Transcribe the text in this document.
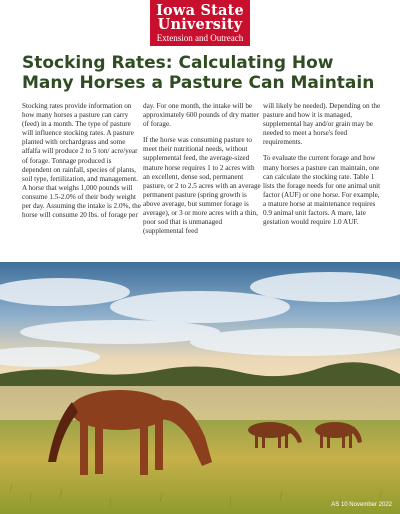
Iowa State
University
Extension and Outreach
Stocking Rates: Calculating How Many Horses a Pasture Can Maintain

Stocking rates provide information on how many horses a pasture can carry (feed) in a month. The type of pasture will influence stocking rates. A pasture planted with orchardgrass and some alfalfa will produce 2 to 5 ton/ acre/year of forage. Tonnage produced is dependent on rainfall, species of plants, soil type, fertilization, and management. A horse that weighs 1,000 pounds will consume 1.5-2.0% of their body weight per day. Assuming the intake is 2.0%, the horse will consume 20 lbs. of forage per

day. For one month, the intake will be approximately 600 pounds of dry matter of forage.

If the horse was consuming pasture to meet their nutritional needs, without supplemental feed, the average-sized mature horse requires 1 to 2 acres with an excellent, dense sod, permanent pasture, or 2 to 2.5 acres with an average permanent pasture (spring growth is above average, but summer forage is average), or 3 or more acres with a thin, poor sod that is unmanaged (supplemental feed

will likely be needed). Depending on the pasture and how it is managed, supplemental hay and/or grain may be needed to meet a horse's feed requirements.

To evaluate the current forage and how many horses a pasture can maintain, one can calculate the stocking rate. Table 1 lists the forage needs for one animal unit factor (AUF) or one horse. For example, a mature horse at maintenance requires 0.9 animal unit factors. A mare, late gestation would require 1.0 AUF.

AS 10 November 2022
